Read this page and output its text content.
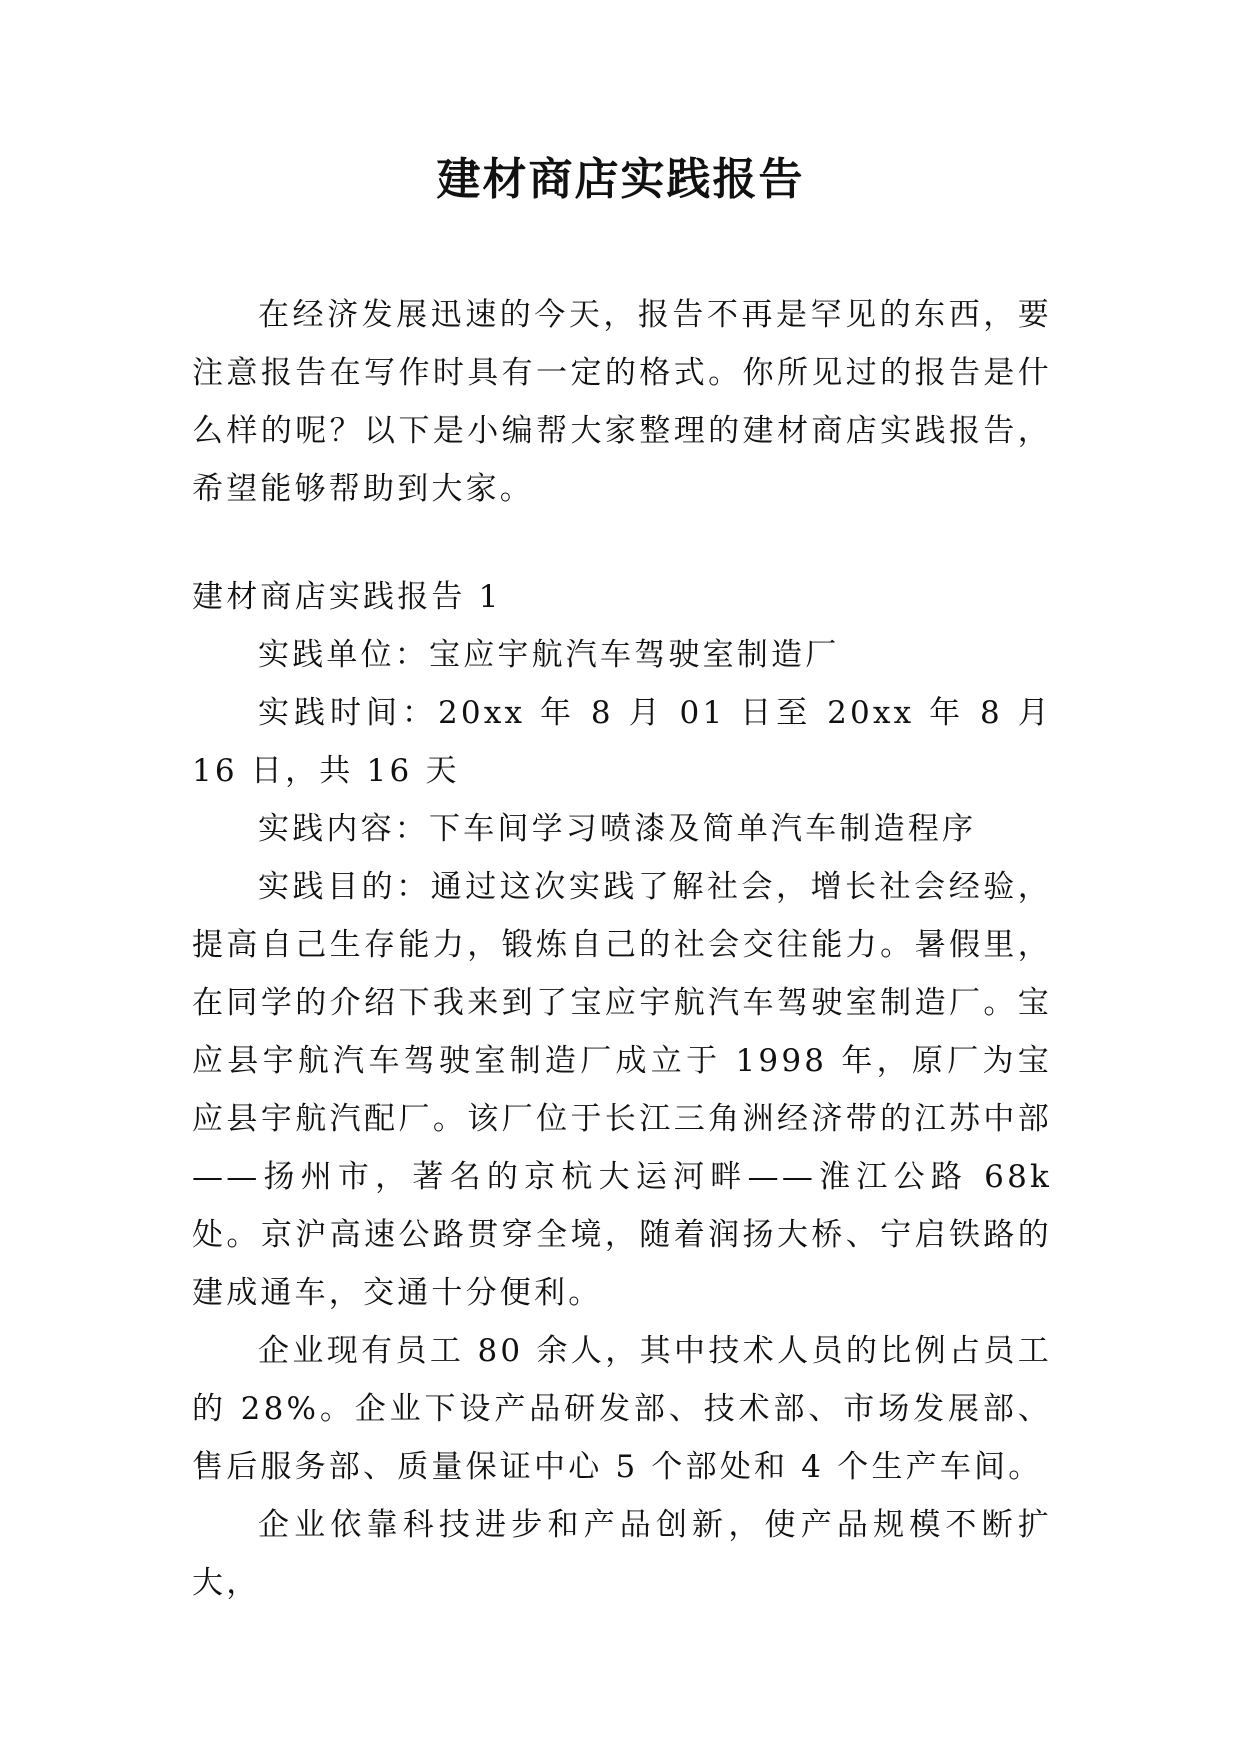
建材商店实践报告

在经济发展迅速的今天，报告不再是罕见的东西，要注意报告在写作时具有一定的格式。你所见过的报告是什么样的呢？以下是小编帮大家整理的建材商店实践报告，希望能够帮助到大家。

建材商店实践报告 1

实践单位：宝应宇航汽车驾驶室制造厂

实践时间：20xx 年 8 月 01 日至 20xx 年 8 月 16 日，共 16 天

实践内容：下车间学习喷漆及简单汽车制造程序

实践目的：通过这次实践了解社会，增长社会经验，提高自己生存能力，锻炼自己的社会交往能力。暑假里，在同学的介绍下我来到了宝应宇航汽车驾驶室制造厂。宝应县宇航汽车驾驶室制造厂成立于 1998 年，原厂为宝应县宇航汽配厂。该厂位于长江三角洲经济带的江苏中部——扬州市，著名的京杭大运河畔——淮江公路 68k 处。京沪高速公路贯穿全境，随着润扬大桥、宁启铁路的建成通车，交通十分便利。

企业现有员工 80 余人，其中技术人员的比例占员工的 28%。企业下设产品研发部、技术部、市场发展部、售后服务部、质量保证中心 5 个部处和 4 个生产车间。

企业依靠科技进步和产品创新，使产品规模不断扩大，
